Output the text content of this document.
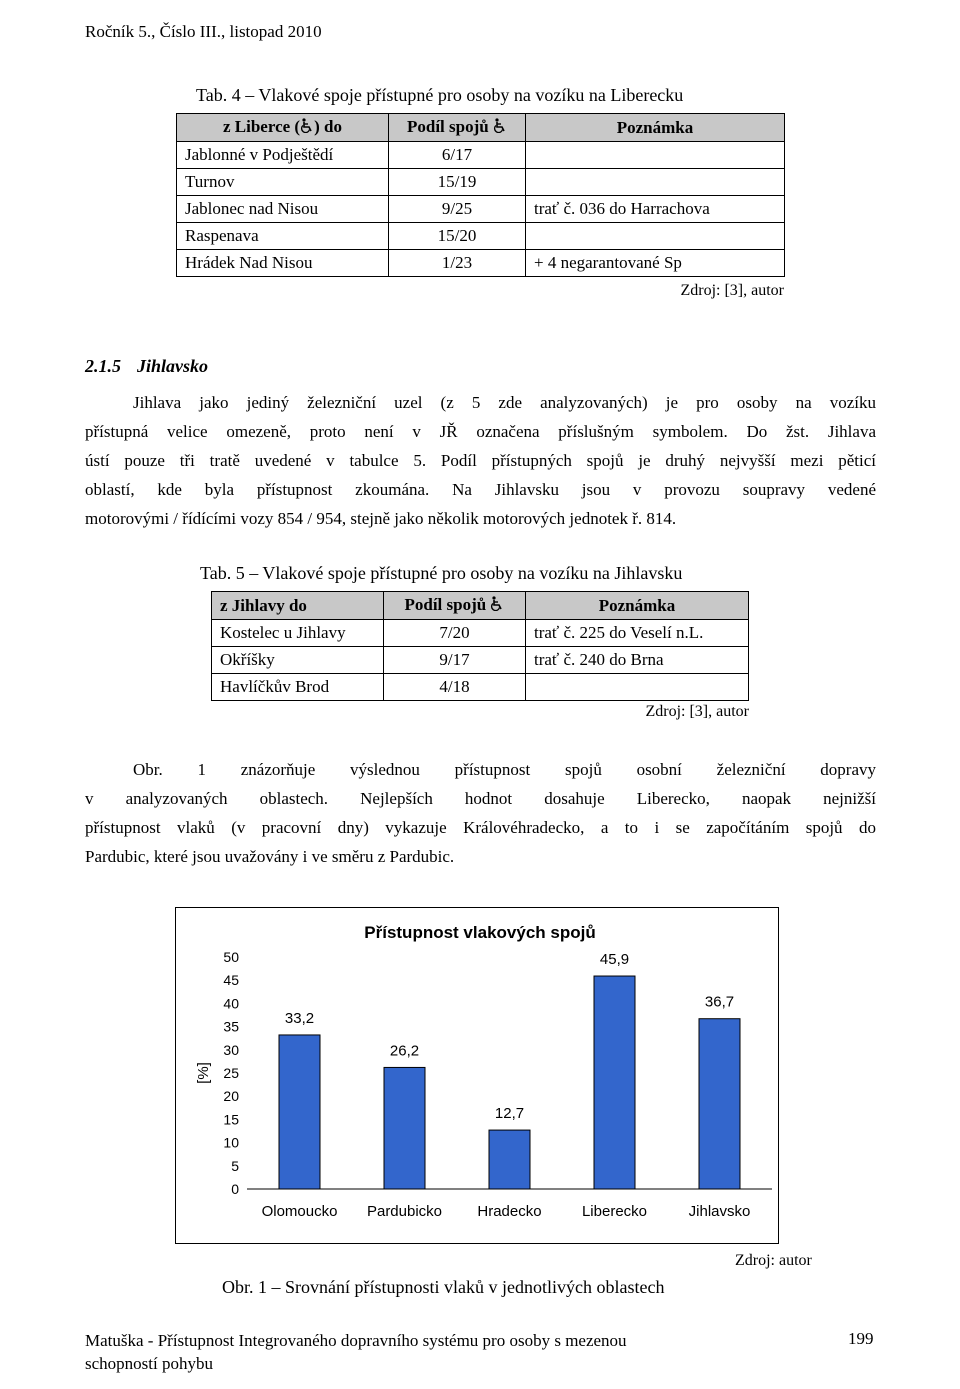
Ročník 5., Číslo III., listopad 2010
Tab. 4 – Vlakové spoje přístupné pro osoby na vozíku na Liberecku
z Liberce ( ) do	Podíl spojů	Poznámka
Jablonné v Podještědí	6/17	
Turnov	15/19	
Jablonec nad Nisou	9/25	trať č. 036 do Harrachova
Raspenava	15/20	
Hrádek Nad Nisou	1/23	+ 4 negarantované Sp
Zdroj: [3], autor
2.1.5 Jihlavsko
Jihlava jako jediný železniční uzel (z 5 zde analyzovaných) je pro osoby na vozíku
přístupná velice omezeně, proto není v JŘ označena příslušným symbolem. Do žst. Jihlava
ústí pouze tři tratě uvedené v tabulce 5. Podíl přístupných spojů je druhý nejvyšší mezi pěticí
oblastí, kde byla přístupnost zkoumána. Na Jihlavsku jsou v provozu soupravy vedené
motorovými / řídícími vozy 854 / 954, stejně jako několik motorových jednotek ř. 814.
Tab. 5 – Vlakové spoje přístupné pro osoby na vozíku na Jihlavsku
z Jihlavy do	Podíl spojů	Poznámka
Kostelec u Jihlavy	7/20	trať č. 225 do Veselí n.L.
Okříšky	9/17	trať č. 240 do Brna
Havlíčkův Brod	4/18	
Zdroj: [3], autor
Obr. 1 znázorňuje výslednou přístupnost spojů osobní železniční dopravy
v analyzovaných oblastech. Nejlepších hodnot dosahuje Liberecko, naopak nejnižší
přístupnost vlaků (v pracovní dny) vykazuje Královéhradecko, a to i se započítáním spojů do
Pardubic, které jsou uvažovány i ve směru z Pardubic.
Přístupnost vlakových spojů
[%]
0
5
10
15
20
25
30
35
40
45
50
33,2
Olomoucko
26,2
Pardubicko
12,7
Hradecko
45,9
Liberecko
36,7
Jihlavsko
Zdroj: autor
Obr. 1 – Srovnání přístupnosti vlaků v jednotlivých oblastech
Matuška - Přístupnost Integrovaného dopravního systému pro osoby s mezenou
schopností pohybu
199
